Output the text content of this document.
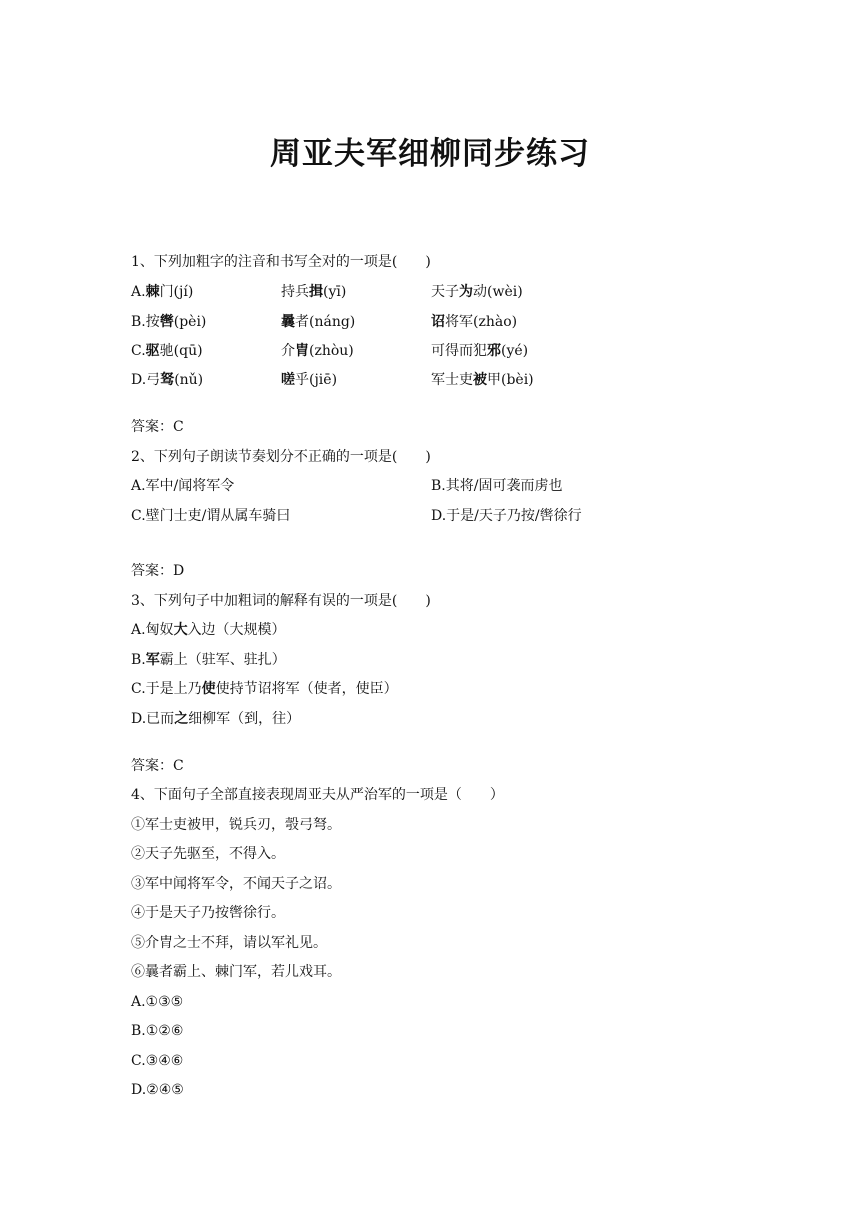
周亚夫军细柳同步练习
1、下列加粗字的注音和书写全对的一项是(　　)
A.棘门(jí)	持兵揖(yī)	天子为动(wèi)
B.按辔(pèi)	曩者(náng)	诏将军(zhào)
C.驱驰(qū)	介胄(zhòu)	可得而犯邪(yé)
D.弓驽(nǔ)	嗟乎(jiē)	军士吏被甲(bèi)
答案：C
2、下列句子朗读节奏划分不正确的一项是(　　)
A.军中/闻将军令	B.其将/固可袭而虏也
C.壁门士吏/谓从属车骑曰	D.于是/天子乃按/辔徐行
答案：D
3、下列句子中加粗词的解释有误的一项是(　　)
A.匈奴大入边（大规模）
B.军霸上（驻军、驻扎）
C.于是上乃使使持节诏将军（使者，使臣）
D.已而之细柳军（到，往）
答案：C
4、下面句子全部直接表现周亚夫从严治军的一项是（　　）
①军士吏被甲，锐兵刃，彀弓弩。
②天子先驱至，不得入。
③军中闻将军令，不闻天子之诏。
④于是天子乃按辔徐行。
⑤介胄之士不拜，请以军礼见。
⑥曩者霸上、棘门军，若儿戏耳。
A.①③⑤
B.①②⑥
C.③④⑥
D.②④⑤
